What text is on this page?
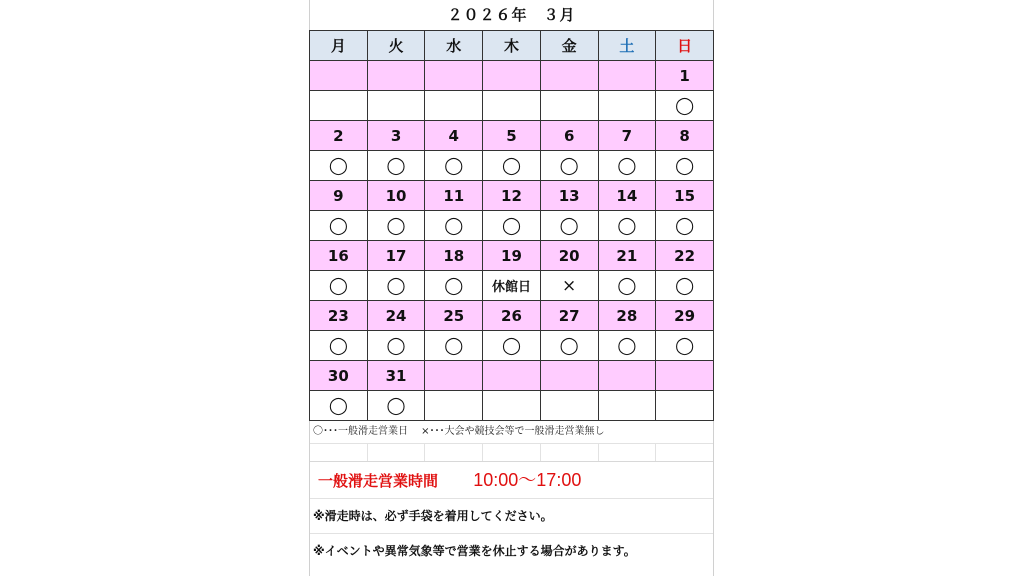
２０２６年　３月
月	火	水	木	金	土	日
						1
						◯
2	3	4	5	6	7	8
◯	◯	◯	◯	◯	◯	◯
9	10	11	12	13	14	15
◯	◯	◯	◯	◯	◯	◯
16	17	18	19	20	21	22
◯	◯	◯	休館日	×	◯	◯
23	24	25	26	27	28	29
◯	◯	◯	◯	◯	◯	◯
30	31					
◯	◯					
〇･･･一般滑走営業日　 ×･･･大会や競技会等で一般滑走営業無し
一般滑走営業時間 10:00～17:00
※滑走時は、必ず手袋を着用してください。
※イベントや異常気象等で営業を休止する場合があります。
